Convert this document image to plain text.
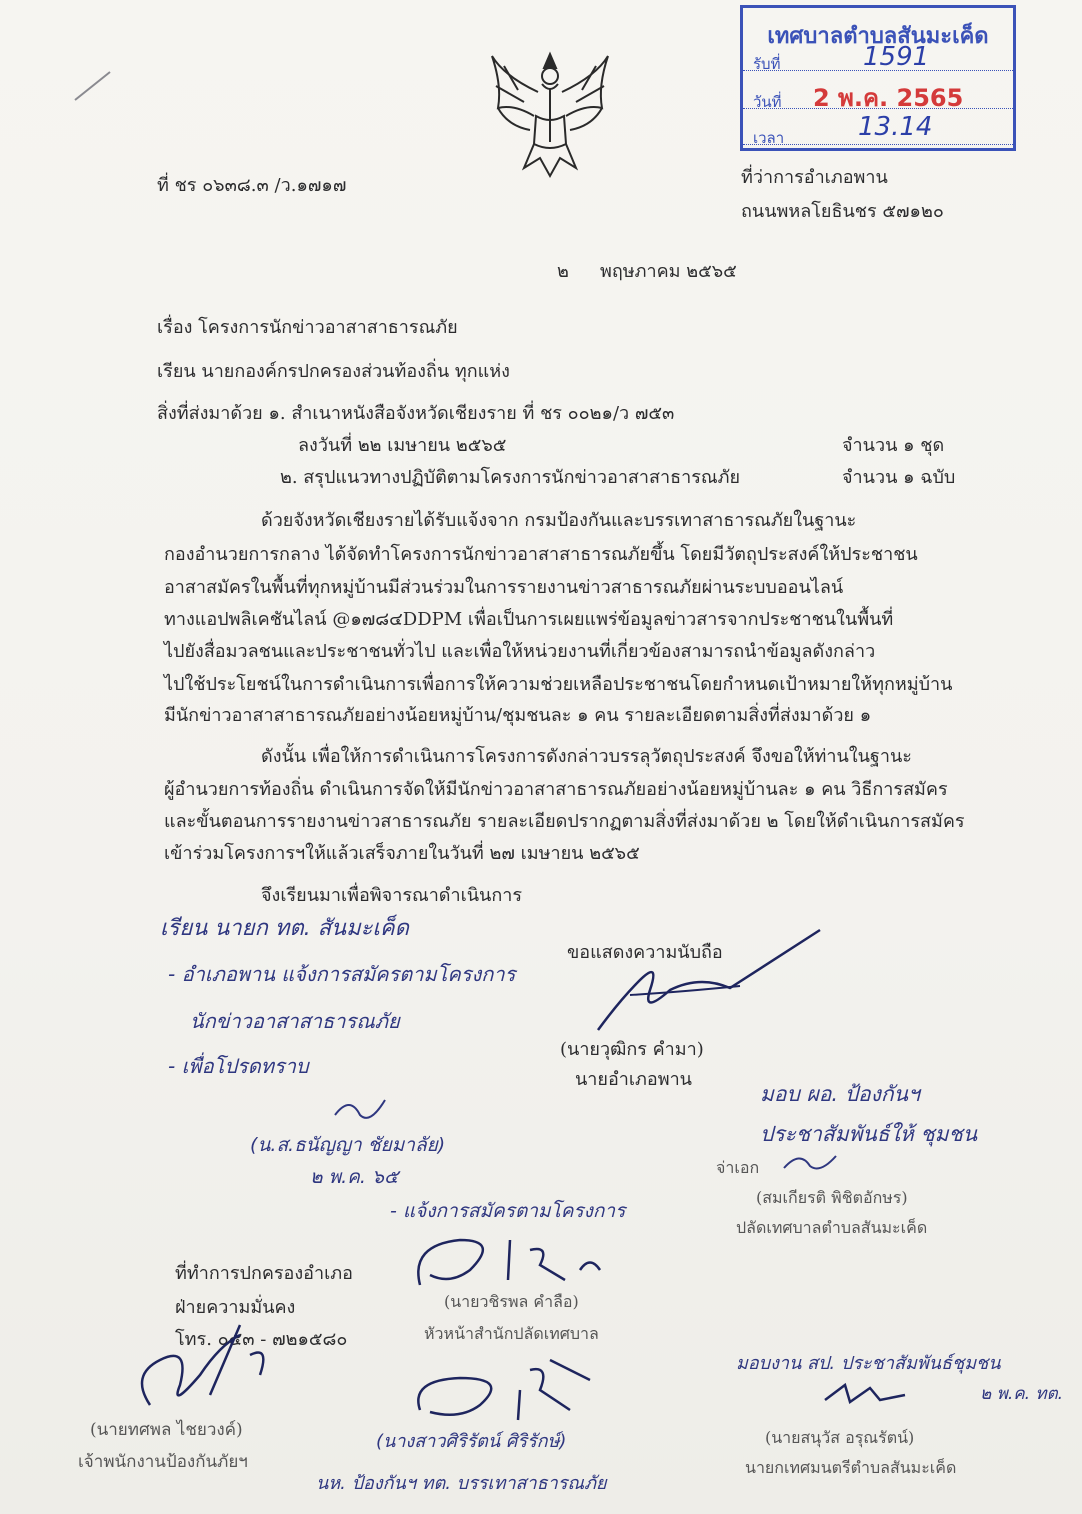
เทศบาลตำบลสันมะเค็ด
รับที่	1591
วันที่ 2 พ.ค. 2565
เวลา	13.14
ที่ ชร ๐๖๓๘.๓ /ว.๑๗๑๗	ที่ว่าการอำเภอพาน
ถนนพหลโยธินชร ๕๗๑๒๐
๒ พฤษภาคม ๒๕๖๕
เรื่อง โครงการนักข่าวอาสาสาธารณภัย
เรียน นายกองค์กรปกครองส่วนท้องถิ่น ทุกแห่ง
สิ่งที่ส่งมาด้วย ๑. สำเนาหนังสือจังหวัดเชียงราย ที่ ชร ๐๐๒๑/ว ๗๕๓
ลงวันที่ ๒๒ เมษายน ๒๕๖๕	จำนวน ๑ ชุด
๒. สรุปแนวทางปฏิบัติตามโครงการนักข่าวอาสาสาธารณภัย	จำนวน ๑ ฉบับ
ด้วยจังหวัดเชียงรายได้รับแจ้งจาก กรมป้องกันและบรรเทาสาธารณภัยในฐานะ
กองอำนวยการกลาง ได้จัดทำโครงการนักข่าวอาสาสาธารณภัยขึ้น โดยมีวัตถุประสงค์ให้ประชาชน
อาสาสมัครในพื้นที่ทุกหมู่บ้านมีส่วนร่วมในการรายงานข่าวสาธารณภัยผ่านระบบออนไลน์
ทางแอปพลิเคชันไลน์ @๑๗๘๔DDPM เพื่อเป็นการเผยแพร่ข้อมูลข่าวสารจากประชาชนในพื้นที่
ไปยังสื่อมวลชนและประชาชนทั่วไป และเพื่อให้หน่วยงานที่เกี่ยวข้องสามารถนำข้อมูลดังกล่าว
ไปใช้ประโยชน์ในการดำเนินการเพื่อการให้ความช่วยเหลือประชาชนโดยกำหนดเป้าหมายให้ทุกหมู่บ้าน
มีนักข่าวอาสาสาธารณภัยอย่างน้อยหมู่บ้าน/ชุมชนละ ๑ คน รายละเอียดตามสิ่งที่ส่งมาด้วย ๑
ดังนั้น เพื่อให้การดำเนินการโครงการดังกล่าวบรรลุวัตถุประสงค์ จึงขอให้ท่านในฐานะ
ผู้อำนวยการท้องถิ่น ดำเนินการจัดให้มีนักข่าวอาสาสาธารณภัยอย่างน้อยหมู่บ้านละ ๑ คน วิธีการสมัคร
และขั้นตอนการรายงานข่าวสาธารณภัย รายละเอียดปรากฏตามสิ่งที่ส่งมาด้วย ๒ โดยให้ดำเนินการสมัคร
เข้าร่วมโครงการฯให้แล้วเสร็จภายในวันที่ ๒๗ เมษายน ๒๕๖๕
จึงเรียนมาเพื่อพิจารณาดำเนินการ
ขอแสดงความนับถือ
(นายวุฒิกร คำมา)
นายอำเภอพาน
เรียน นายก ทต. สันมะเค็ด
- อำเภอพาน แจ้งการสมัครตามโครงการ
นักข่าวอาสาสาธารณภัย
- เพื่อโปรดทราบ
(น.ส.ธนัญญา ชัยมาลัย)
๒ พ.ค. ๖๕
มอบ ผอ. ป้องกันฯ
ประชาสัมพันธ์ให้ ชุมชน
จ่าเอก
(สมเกียรติ พิชิตอักษร)
ปลัดเทศบาลตำบลสันมะเค็ด
- แจ้งการสมัครตามโครงการ
(นายวชิรพล คำลือ)
หัวหน้าสำนักปลัดเทศบาล
ที่ทำการปกครองอำเภอ
ฝ่ายความมั่นคง
โทร. ๐๕๓ - ๗๒๑๕๘๐
(นายทศพล ไชยวงค์)
เจ้าพนักงานป้องกันภัยฯ
(นางสาวศิริรัตน์ ศิริรักษ์)
นห. ป้องกันฯ ทต. บรรเทาสาธารณภัย
มอบงาน สป. ประชาสัมพันธ์ชุมชน
๒ พ.ค. ทต.
(นายสนุวัส อรุณรัตน์)
นายกเทศมนตรีตำบลสันมะเค็ด
